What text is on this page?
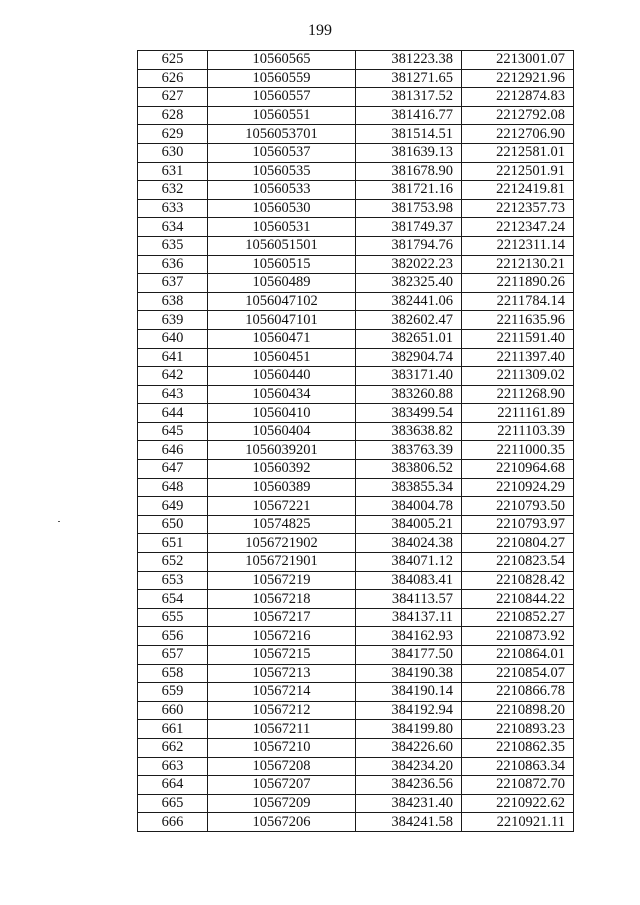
199
625	10560565	381223.38	2213001.07
626	10560559	381271.65	2212921.96
627	10560557	381317.52	2212874.83
628	10560551	381416.77	2212792.08
629	1056053701	381514.51	2212706.90
630	10560537	381639.13	2212581.01
631	10560535	381678.90	2212501.91
632	10560533	381721.16	2212419.81
633	10560530	381753.98	2212357.73
634	10560531	381749.37	2212347.24
635	1056051501	381794.76	2212311.14
636	10560515	382022.23	2212130.21
637	10560489	382325.40	2211890.26
638	1056047102	382441.06	2211784.14
639	1056047101	382602.47	2211635.96
640	10560471	382651.01	2211591.40
641	10560451	382904.74	2211397.40
642	10560440	383171.40	2211309.02
643	10560434	383260.88	2211268.90
644	10560410	383499.54	2211161.89
645	10560404	383638.82	2211103.39
646	1056039201	383763.39	2211000.35
647	10560392	383806.52	2210964.68
648	10560389	383855.34	2210924.29
649	10567221	384004.78	2210793.50
650	10574825	384005.21	2210793.97
651	1056721902	384024.38	2210804.27
652	1056721901	384071.12	2210823.54
653	10567219	384083.41	2210828.42
654	10567218	384113.57	2210844.22
655	10567217	384137.11	2210852.27
656	10567216	384162.93	2210873.92
657	10567215	384177.50	2210864.01
658	10567213	384190.38	2210854.07
659	10567214	384190.14	2210866.78
660	10567212	384192.94	2210898.20
661	10567211	384199.80	2210893.23
662	10567210	384226.60	2210862.35
663	10567208	384234.20	2210863.34
664	10567207	384236.56	2210872.70
665	10567209	384231.40	2210922.62
666	10567206	384241.58	2210921.11
